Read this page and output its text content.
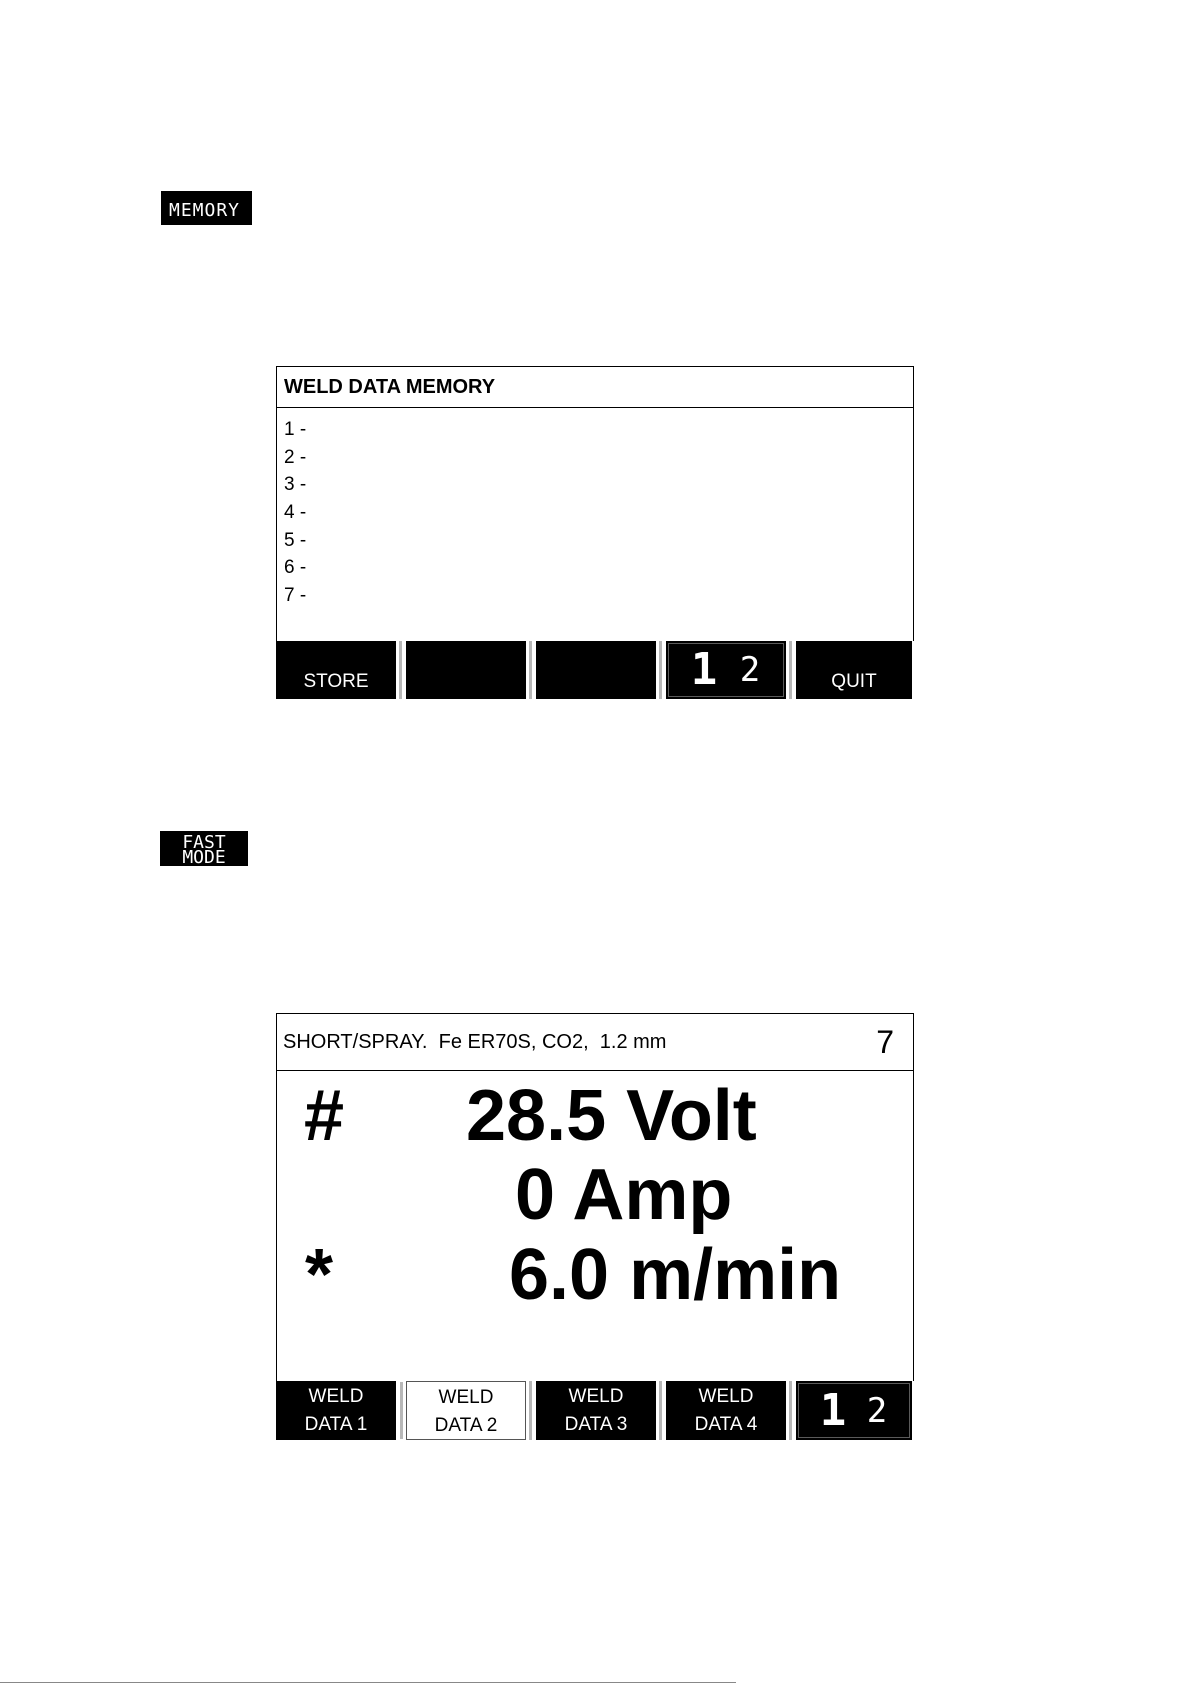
MEMORY
WELD DATA MEMORY
1 -
2 -
3 -
4 -
5 -
6 -
7 -
STORE	1 2	QUIT
FAST
MODE
SHORT/SPRAY.  Fe ER70S, CO2,  1.2 mm	7
# 28.5 Volt
0 Amp
* 6.0 m/min
WELD
DATA 1
WELD
DATA 2
WELD
DATA 3
WELD
DATA 4	1 2
